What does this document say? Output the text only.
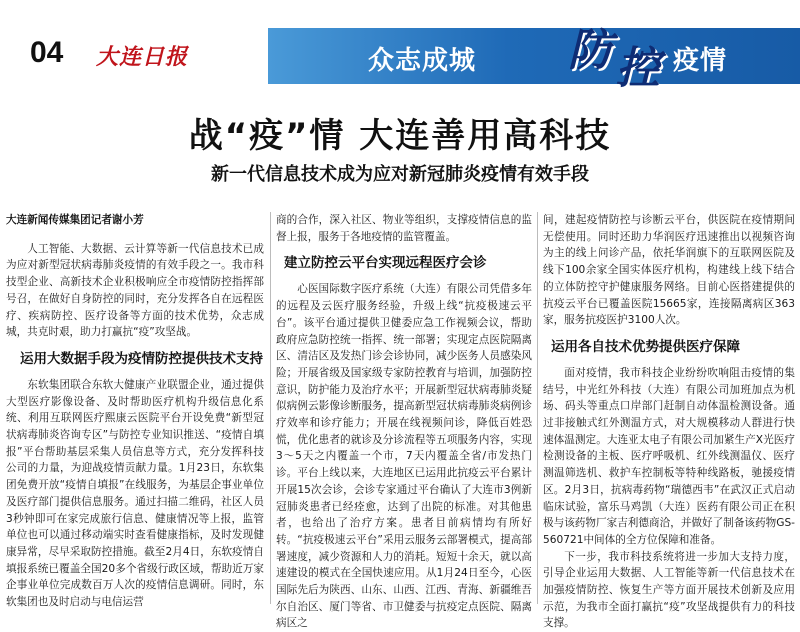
04 大连日报	众志成城 防 控 疫情
战“疫”情 大连善用高科技
新一代信息技术成为应对新冠肺炎疫情有效手段
大连新闻传媒集团记者谢小芳

人工智能、大数据、云计算等新一代信息技术已成为应对新型冠状病毒肺炎疫情的有效手段之一。我市科技型企业、高新技术企业积极响应全市疫情防控指挥部号召，在做好自身防控的同时，充分发挥各自在远程医疗、疾病防控、医疗设备等方面的技术优势，众志成城，共克时艰，助力打赢抗“疫”攻坚战。

运用大数据手段为疫情防控提供技术支持

东软集团联合东软大健康产业联盟企业，通过提供大型医疗影像设备、及时帮助医疗机构升级信息化系统、利用互联网医疗熙康云医院平台开设免费“新型冠状病毒肺炎咨询专区”与防控专业知识推送、“疫情自填报”平台帮助基层采集人员信息等方式，充分发挥科技公司的力量，为迎战疫情贡献力量。1月23日，东软集团免费开放“疫情自填报”在线服务，为基层企事业单位及医疗部门提供信息服务。通过扫描二维码，社区人员3秒钟即可在家完成旅行信息、健康情况等上报，监管单位也可以通过移动端实时查看健康指标，及时发现健康异常，尽早采取防控措施。截至2月4日，东软疫情自填报系统已覆盖全国20多个省级行政区域，帮助近万家企事业单位完成数百万人次的疫情信息调研。同时，东软集团也及时启动与电信运营

商的合作，深入社区、物业等组织，支撑疫情信息的监督上报，服务于各地疫情的监管覆盖。

建立防控云平台实现远程医疗会诊

心医国际数字医疗系统（大连）有限公司凭借多年的远程及云医疗服务经验，升级上线“抗疫极速云平台”。该平台通过提供卫健委应急工作视频会议，帮助政府应急防控统一指挥、统一部署；实现定点医院隔离区、清洁区及发热门诊会诊协同，减少医务人员感染风险；开展省级及国家级专家防控教育与培训，加强防控意识，防护能力及治疗水平；开展新型冠状病毒肺炎疑似病例云影像诊断服务，提高新型冠状病毒肺炎病例诊疗效率和诊疗能力；开展在线视频问诊，降低百姓恐慌，优化患者的就诊及分诊流程等五项服务内容，实现3～5天之内覆盖一个市，7天内覆盖全省/市发热门诊。平台上线以来，大连地区已运用此抗疫云平台累计开展15次会诊，会诊专家通过平台确认了大连市3例新冠肺炎患者已经痊愈，达到了出院的标准。对其他患者，也给出了治疗方案。患者目前病情均有所好转。“抗疫极速云平台”采用云服务云部署模式，提高部署速度，减少资源和人力的消耗。短短十余天，就以高速建设的模式在全国快速应用。从1月24日至今，心医国际先后为陕西、山东、山西、江西、青海、新疆维吾尔自治区、厦门等省、市卫健委与抗疫定点医院、隔离病区之

间，建起疫情防控与诊断云平台，供医院在疫情期间无偿使用。同时还助力华润医疗迅速推出以视频咨询为主的线上问诊产品，依托华润旗下的互联网医院及线下100余家全国实体医疗机构，构建线上线下结合的立体防控守护健康服务网络。目前心医搭建提供的抗疫云平台已覆盖医院15665家，连接隔离病区363家，服务抗疫医护3100人次。

运用各自技术优势提供医疗保障

面对疫情，我市科技企业纷纷吹响阻击疫情的集结号，中光红外科技（大连）有限公司加班加点为机场、码头等重点口岸部门赶制自动体温检测设备。通过非接触式红外测温方式，对大规模移动人群进行快速体温测定。大连亚太电子有限公司加紧生产X光医疗检测设备的主板、医疗呼吸机、红外线测温仪、医疗测温筛选机、救护车控制板等特种线路板，驰援疫情区。2月3日，抗病毒药物“瑞德西韦”在武汉正式启动临床试验，富乐马鸡凯（大连）医药有限公司正在积极与该药物厂家吉利德商洽，并做好了制备该药物GS-560721中间体的全方位保障和准备。

下一步，我市科技系统将进一步加大支持力度，引导企业运用大数据、人工智能等新一代信息技术在加强疫情防控、恢复生产等方面开展技术创新及应用示范，为我市全面打赢抗“疫”攻坚战提供有力的科技支撑。
